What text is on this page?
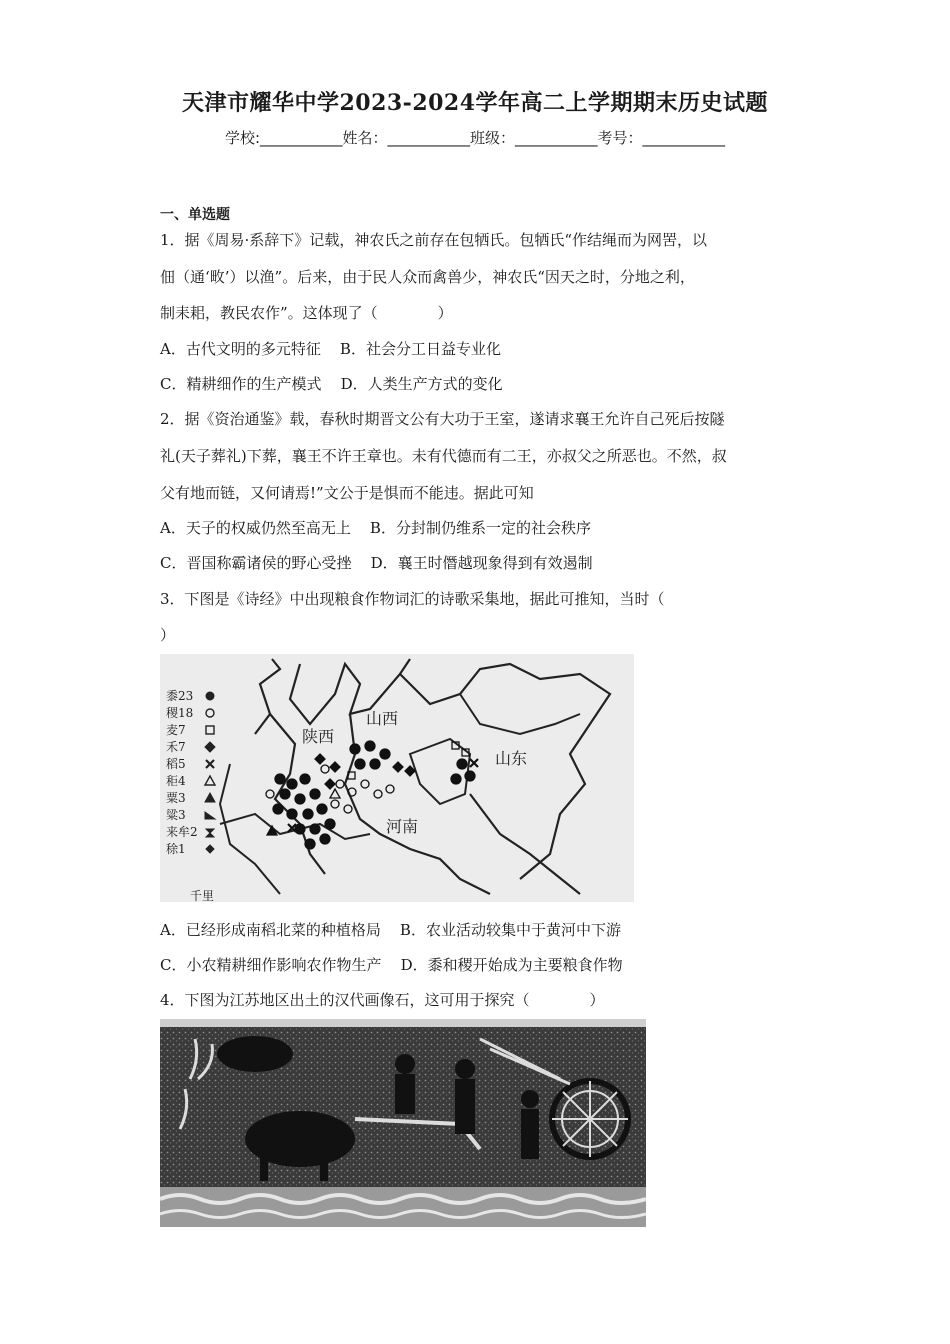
天津市耀华中学2023-2024学年高二上学期期末历史试题
学校:___________姓名：___________班级：___________考号：___________
一、单选题
1．据《周易·系辞下》记载，神农氏之前存在包牺氏。包牺氏“作结绳而为网罟，以
佃（通‘畋’）以渔”。后来，由于民人众而禽兽少，神农氏“因天之时，分地之利，
制耒耜，教民农作”。这体现了（　　　　）
A．古代文明的多元特征 B．社会分工日益专业化
C．精耕细作的生产模式 D．人类生产方式的变化
2．据《资治通鉴》载，春秋时期晋文公有大功于王室，遂请求襄王允许自己死后按隧
礼(天子葬礼)下葬，襄王不许王章也。未有代德而有二王，亦叔父之所恶也。不然，叔
父有地而链，又何请焉!”文公于是惧而不能违。据此可知
A．天子的权威仍然至高无上 B．分封制仍维系一定的社会秩序
C．晋国称霸诸侯的野心受挫 D．襄王时僭越现象得到有效遏制
3．下图是《诗经》中出现粮食作物词汇的诗歌采集地，据此可推知，当时（
）
山西
陕西
山东
河南
黍23
稷18
麦7
禾7
稻5
秬4
粟3
粱3
来牟2
稌1
千里
A．已经形成南稻北菜的种植格局 B．农业活动较集中于黄河中下游
C．小农精耕细作影响农作物生产 D．黍和稷开始成为主要粮食作物
4．下图为江苏地区出土的汉代画像石，这可用于探究（　　　　）
